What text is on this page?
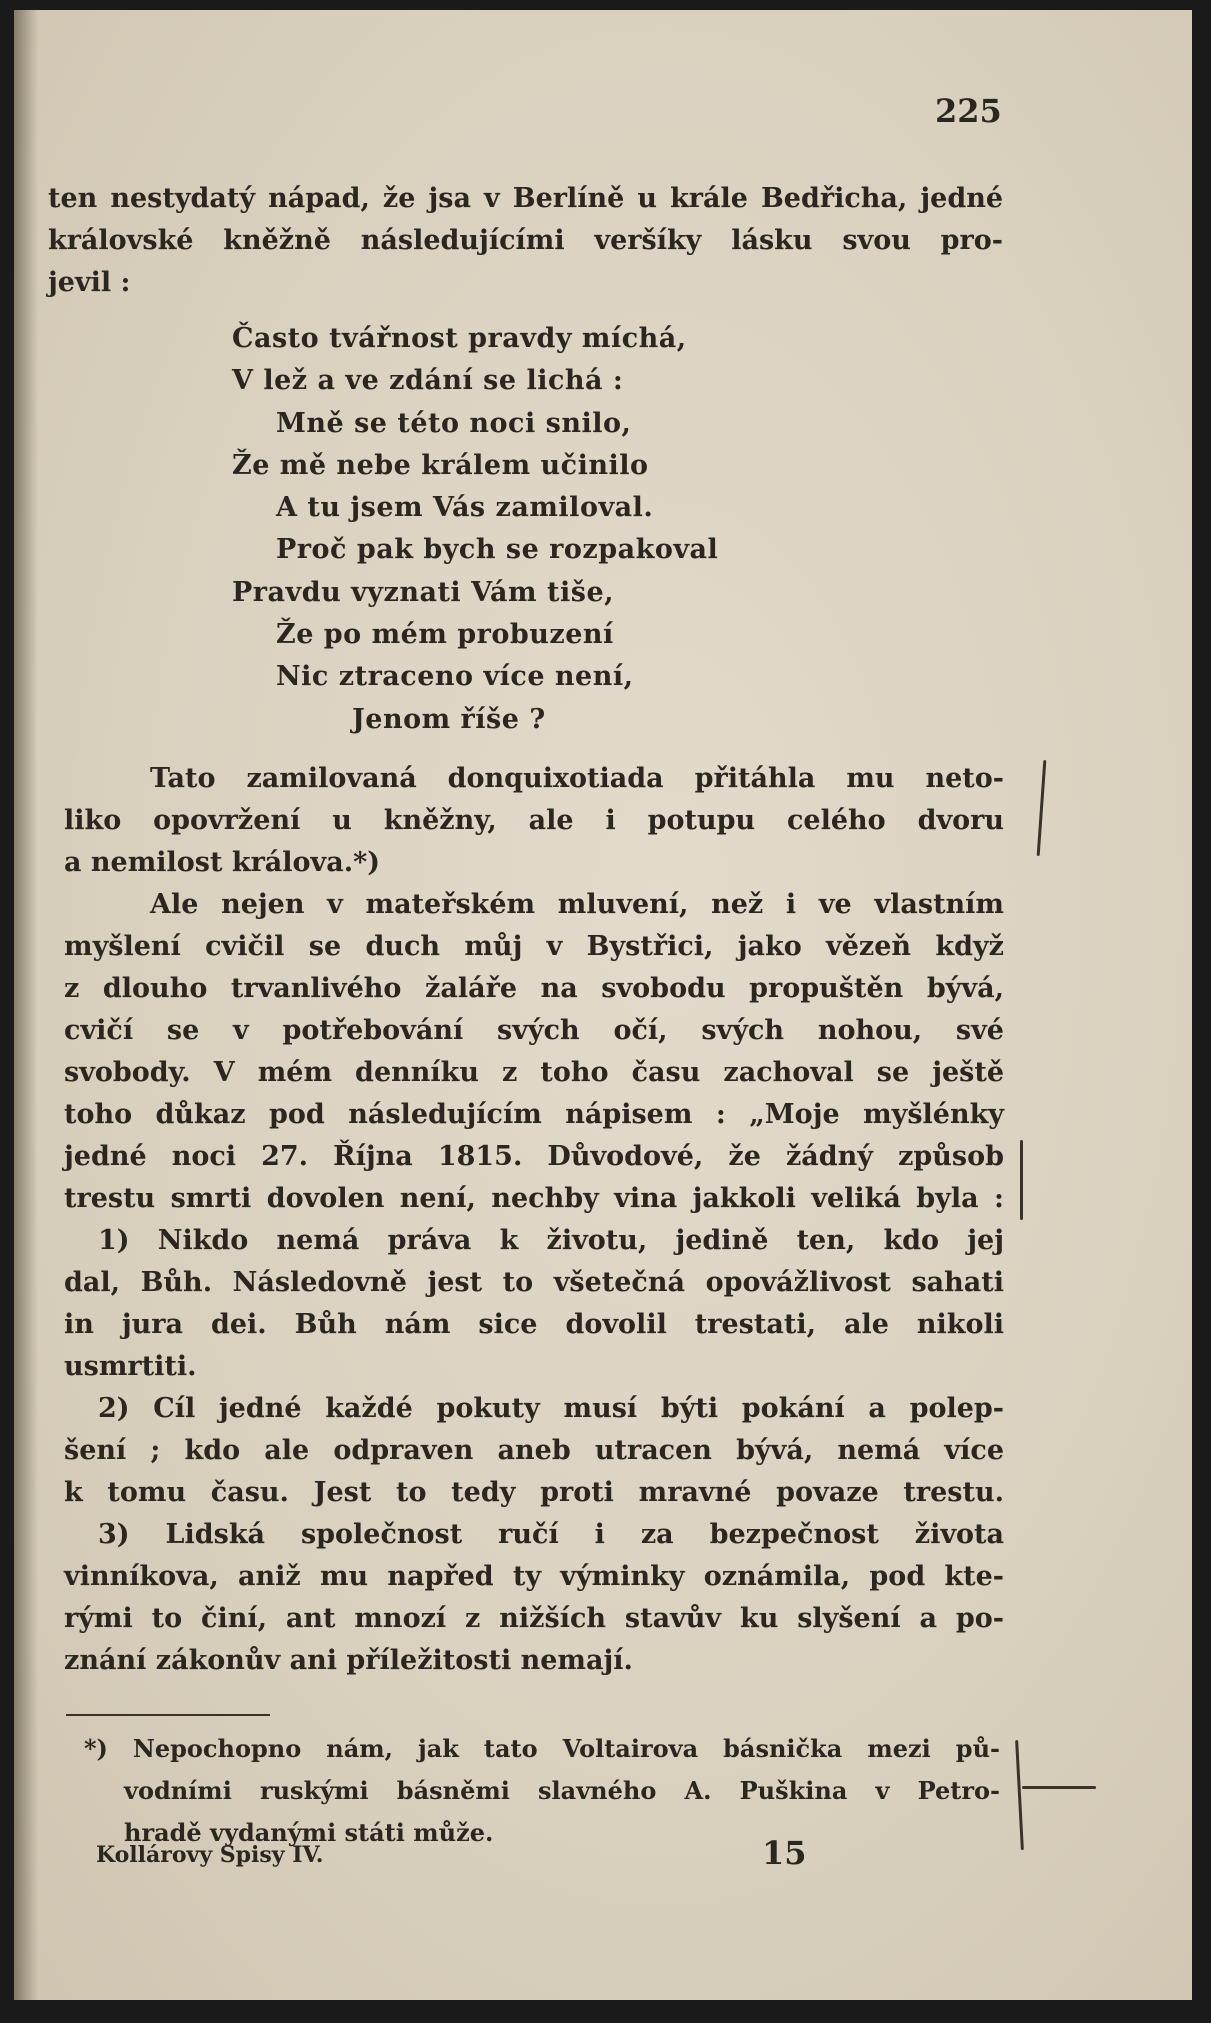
225
ten nestydatý nápad, že jsa v Berlíně u krále Bedřicha, jedné
královské kněžně následujícími veršíky lásku svou pro-
jevil :
Často tvářnost pravdy míchá,
V lež a ve zdání se lichá :
Mně se této noci snilo,
Že mě nebe králem učinilo
A tu jsem Vás zamiloval.
Proč pak bych se rozpakoval
Pravdu vyznati Vám tiše,
Že po mém probuzení
Nic ztraceno více není,
Jenom říše ?
Tato zamilovaná donquixotiada přitáhla mu neto-
liko opovržení u kněžny, ale i potupu celého dvoru
a nemilost králova.*)
Ale nejen v mateřském mluvení, než i ve vlastním
myšlení cvičil se duch můj v Bystřici, jako vězeň když
z dlouho trvanlivého žaláře na svobodu propuštěn bývá,
cvičí se v potřebování svých očí, svých nohou, své
svobody. V mém denníku z toho času zachoval se ještě
toho důkaz pod následujícím nápisem : „Moje myšlénky
jedné noci 27. Října 1815. Důvodové, že žádný způsob
trestu smrti dovolen není, nechby vina jakkoli veliká byla :
1) Nikdo nemá práva k životu, jedině ten, kdo jej
dal, Bůh. Následovně jest to všetečná opovážlivost sahati
in jura dei. Bůh nám sice dovolil trestati, ale nikoli
usmrtiti.
2) Cíl jedné každé pokuty musí býti pokání a polep-
šení ; kdo ale odpraven aneb utracen bývá, nemá více
k tomu času. Jest to tedy proti mravné povaze trestu.
3) Lidská společnost ručí i za bezpečnost života
vinníkova, aniž mu napřed ty výminky oznámila, pod kte-
rými to činí, ant mnozí z nižších stavův ku slyšení a po-
znání zákonův ani příležitosti nemají.
*) Nepochopno nám, jak tato Voltairova básnička mezi pů-
vodními ruskými básněmi slavného A. Puškina v Petro-
hradě vydanými státi může.
Kollárovy Spisy IV.	15
